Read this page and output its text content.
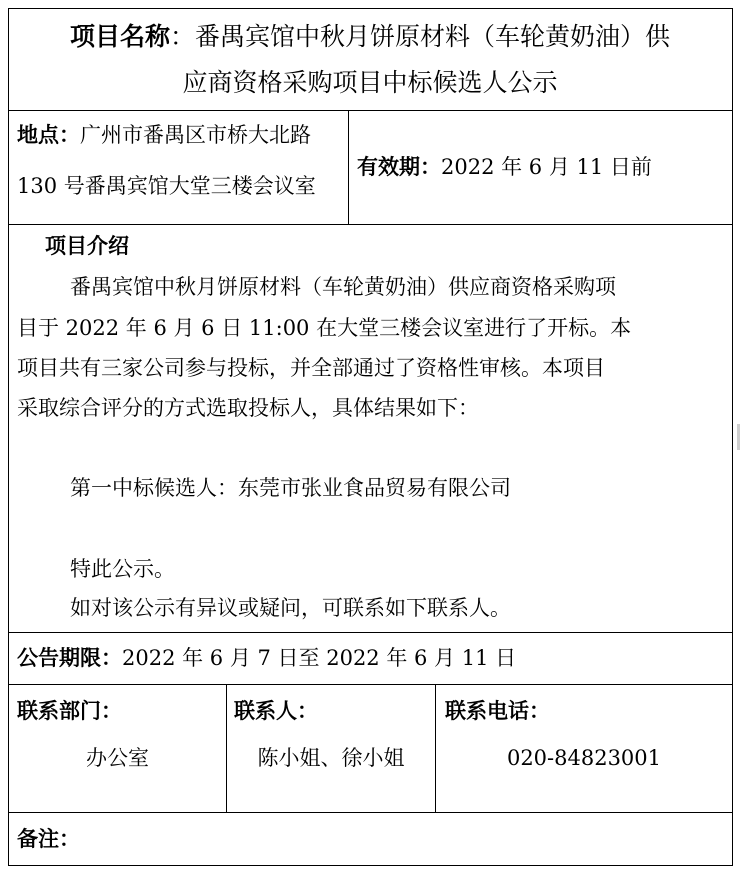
项目名称：番禺宾馆中秋月饼原材料（车轮黄奶油）供
应商资格采购项目中标候选人公示
地点：广州市番禺区市桥大北路
130 号番禺宾馆大堂三楼会议室
有效期：2022 年 6 月 11 日前
项目介绍
番禺宾馆中秋月饼原材料（车轮黄奶油）供应商资格采购项
目于 2022 年 6 月 6 日 11:00 在大堂三楼会议室进行了开标。本
项目共有三家公司参与投标，并全部通过了资格性审核。本项目
采取综合评分的方式选取投标人，具体结果如下：
第一中标候选人：东莞市张业食品贸易有限公司
特此公示。
如对该公示有异议或疑问，可联系如下联系人。
公告期限：2022 年 6 月 7 日至 2022 年 6 月 11 日
联系部门：	联系人：	联系电话：
办公室	陈小姐、徐小姐	020-84823001
备注：
